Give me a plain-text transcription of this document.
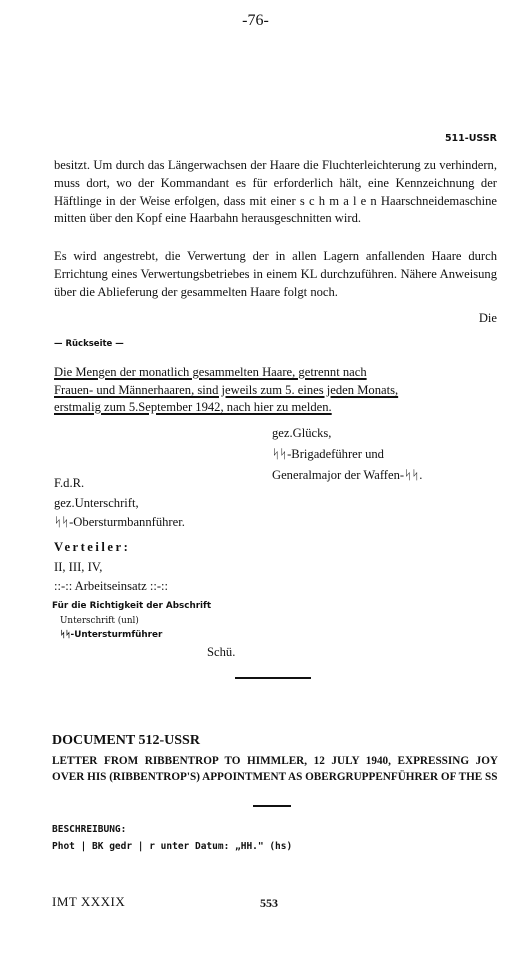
-76-
511-USSR
besitzt. Um durch das Längerwachsen der Haare die Fluchterleichterung zu verhindern, muss dort, wo der Kommandant es für erforderlich hält, eine Kennzeichnung der Häftlinge in der Weise erfolgen, dass mit einer s c h m a l e n Haarschneidemaschine mitten über den Kopf eine Haarbahn herausgeschnitten wird.
Es wird angestrebt, die Verwertung der in allen Lagern anfallenden Haare durch Errichtung eines Verwertungsbetriebes in einem KL durchzuführen. Nähere Anweisung über die Ablieferung der gesammelten Haare folgt noch.
Die
— Rückseite —
Die Mengen der monatlich gesammelten Haare, getrennt nach
Frauen- und Männerhaaren, sind jeweils zum 5. eines jeden Monats,
erstmalig zum 5.September 1942, nach hier zu melden.
gez.Glücks,
ᛋᛋ-Brigadeführer und
Generalmajor der Waffen-ᛋᛋ.
F.d.R.
gez.Unterschrift,
ᛋᛋ-Obersturmbannführer.
Verteiler:
II, III, IV,
::-:: Arbeitseinsatz ::-::
Für die Richtigkeit der Abschrift
Unterschrift (unl)
ᛋᛋ-Untersturmführer
Schü.
DOCUMENT 512-USSR
LETTER FROM RIBBENTROP TO HIMMLER, 12 JULY 1940, EXPRESSING JOY OVER HIS (RIBBENTROP'S) APPOINTMENT AS OBERGRUPPENFÜHRER OF THE SS
BESCHREIBUNG:
Phot | BK gedr | r unter Datum: „HH." (hs)
IMT XXXIX	553
